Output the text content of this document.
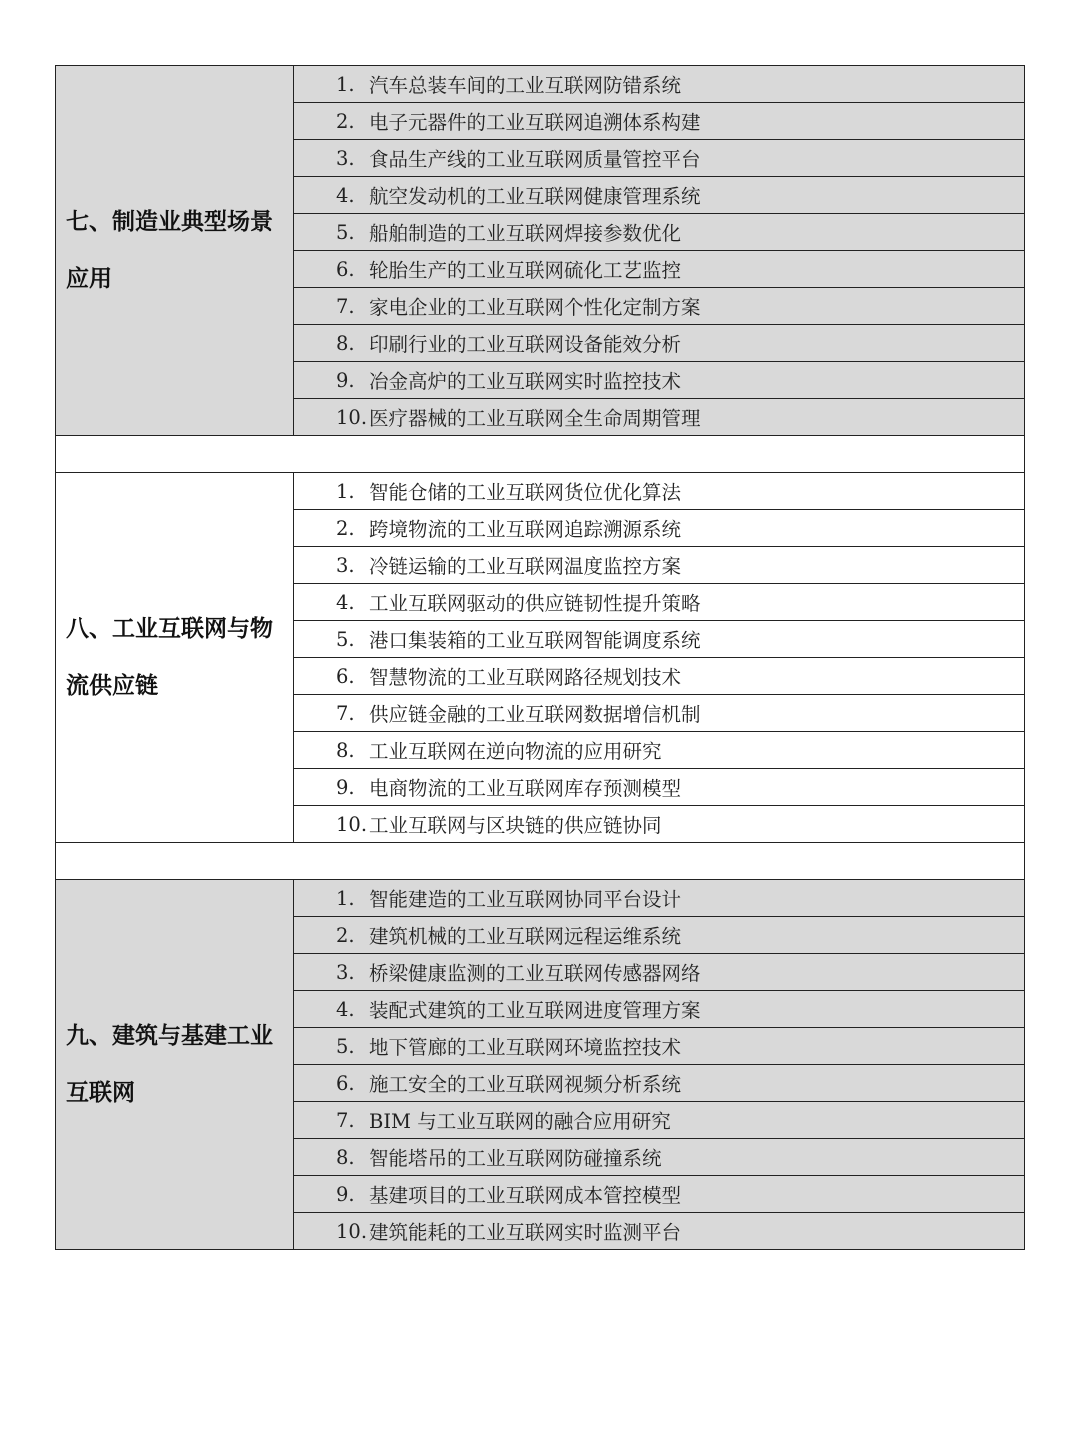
七、制造业典型场景应用
1. 汽车总装车间的工业互联网防错系统
2. 电子元器件的工业互联网追溯体系构建
3. 食品生产线的工业互联网质量管控平台
4. 航空发动机的工业互联网健康管理系统
5. 船舶制造的工业互联网焊接参数优化
6. 轮胎生产的工业互联网硫化工艺监控
7. 家电企业的工业互联网个性化定制方案
8. 印刷行业的工业互联网设备能效分析
9. 冶金高炉的工业互联网实时监控技术
10. 医疗器械的工业互联网全生命周期管理
八、工业互联网与物流供应链
1. 智能仓储的工业互联网货位优化算法
2. 跨境物流的工业互联网追踪溯源系统
3. 冷链运输的工业互联网温度监控方案
4. 工业互联网驱动的供应链韧性提升策略
5. 港口集装箱的工业互联网智能调度系统
6. 智慧物流的工业互联网路径规划技术
7. 供应链金融的工业互联网数据增信机制
8. 工业互联网在逆向物流的应用研究
9. 电商物流的工业互联网库存预测模型
10. 工业互联网与区块链的供应链协同
九、建筑与基建工业互联网
1. 智能建造的工业互联网协同平台设计
2. 建筑机械的工业互联网远程运维系统
3. 桥梁健康监测的工业互联网传感器网络
4. 装配式建筑的工业互联网进度管理方案
5. 地下管廊的工业互联网环境监控技术
6. 施工安全的工业互联网视频分析系统
7. BIM 与工业互联网的融合应用研究
8. 智能塔吊的工业互联网防碰撞系统
9. 基建项目的工业互联网成本管控模型
10. 建筑能耗的工业互联网实时监测平台
